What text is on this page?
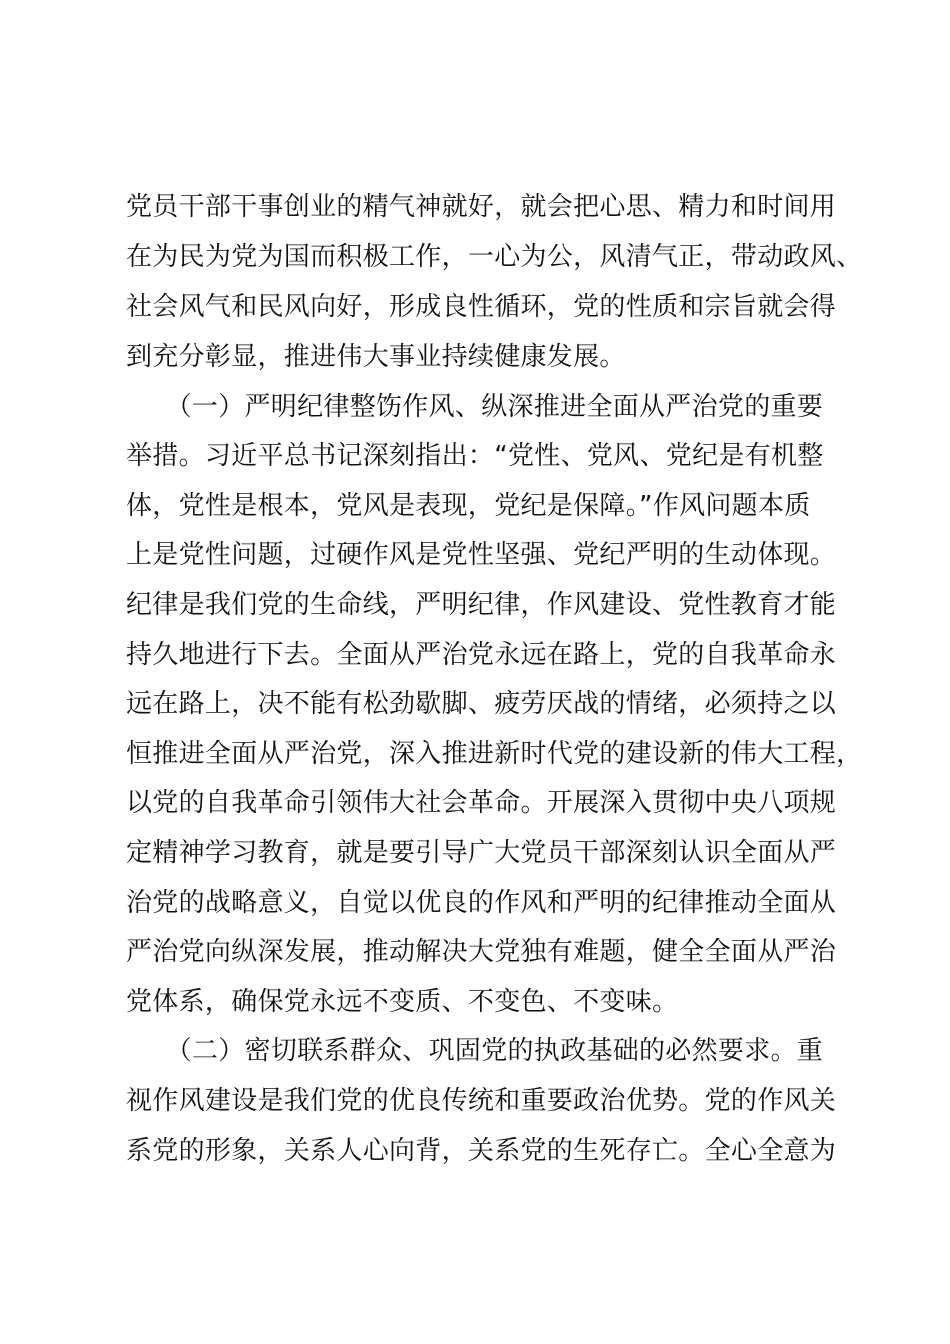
党员干部干事创业的精气神就好，就会把心思、精力和时间用
在为民为党为国而积极工作，一心为公，风清气正，带动政风、
社会风气和民风向好，形成良性循环，党的性质和宗旨就会得
到充分彰显，推进伟大事业持续健康发展。
　　（一）严明纪律整饬作风、纵深推进全面从严治党的重要
举措。习近平总书记深刻指出：“党性、党风、党纪是有机整
体，党性是根本，党风是表现，党纪是保障。”作风问题本质
上是党性问题，过硬作风是党性坚强、党纪严明的生动体现。
纪律是我们党的生命线，严明纪律，作风建设、党性教育才能
持久地进行下去。全面从严治党永远在路上，党的自我革命永
远在路上，决不能有松劲歇脚、疲劳厌战的情绪，必须持之以
恒推进全面从严治党，深入推进新时代党的建设新的伟大工程，
以党的自我革命引领伟大社会革命。开展深入贯彻中央八项规
定精神学习教育，就是要引导广大党员干部深刻认识全面从严
治党的战略意义，自觉以优良的作风和严明的纪律推动全面从
严治党向纵深发展，推动解决大党独有难题，健全全面从严治
党体系，确保党永远不变质、不变色、不变味。
　　（二）密切联系群众、巩固党的执政基础的必然要求。重
视作风建设是我们党的优良传统和重要政治优势。党的作风关
系党的形象，关系人心向背，关系党的生死存亡。全心全意为
